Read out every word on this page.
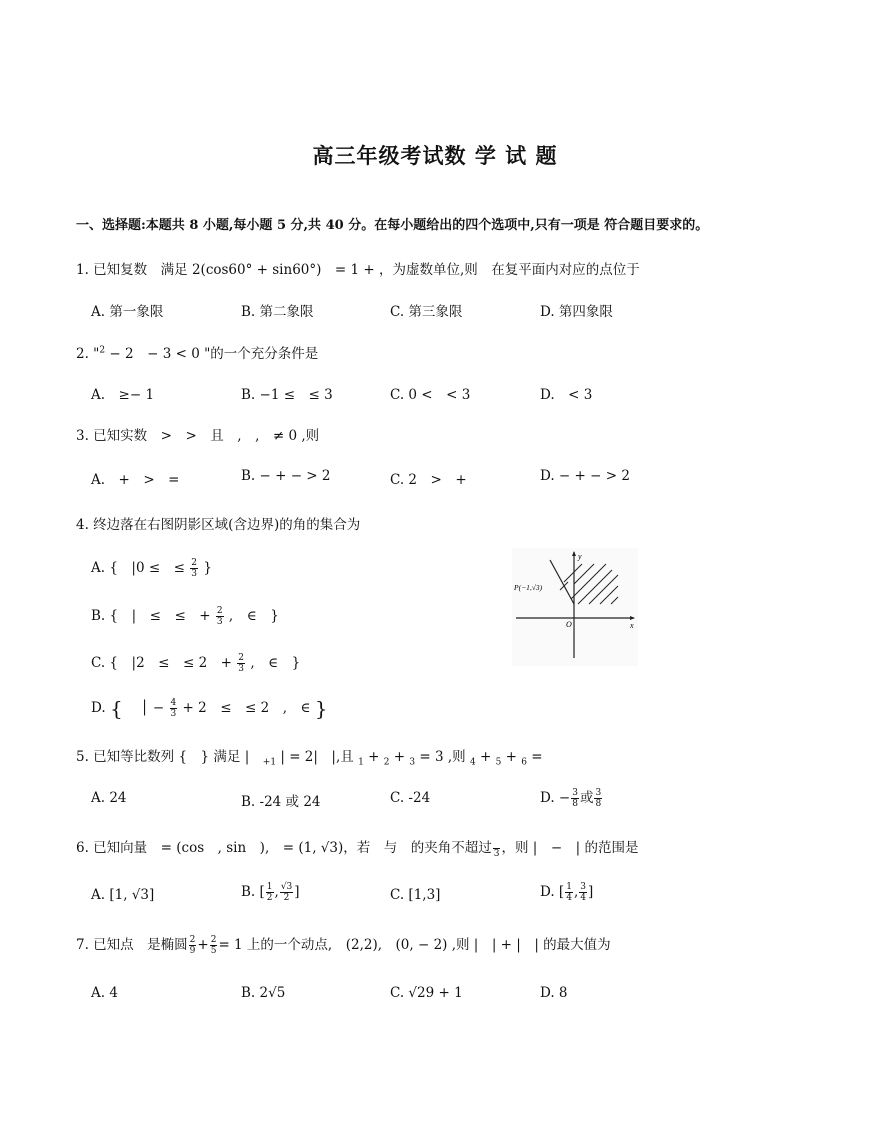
高三年级考试数 学 试 题
一、选择题:本题共 8 小题,每小题 5 分,共 40 分。在每小题给出的四个选项中,只有一项是 符合题目要求的。
1. 已知复数　满足 2(cos60° + sin60°)　= 1 + ，为虚数单位,则　在复平面内对应的点位于
A. 第一象限	B. 第二象限	C. 第三象限	D. 第四象限
2. "$^2$ − 2　− 3 < 0 "的一个充分条件是
A.　≥− 1	B. −1 ≤　≤ 3	C. 0 <　< 3	D.　< 3
3. 已知实数　>　>　且　,　,　≠ 0 ,则
A.　+　>　=	B. − + − > 2	C. 2　>　+	D. − + − > 2
4. 终边落在右图阴影区域(含边界)的角的集合为
A. {　|0 ≤　≤ $\frac{2}{3}$ }
B. {　|　≤　≤　+ $\frac{2}{3}$ ,　∈　}
C. {　|2　≤　≤ 2　+ $\frac{2}{3}$ ,　∈　}
D. { 　│ − $\frac{4}{3} + 2$　≤　≤ 2　,　∈ }
y
x
O
P(−1,√3)
5. 已知等比数列 {　} 满足 |　$_{+1}$ | = 2|　|,且 $_1$ + $_2$ + $_3$ = 3 ,则 $_4$ + $_5$ + $_6$ =
A. 24	B. -24 或 24	C. -24	D. − $\frac{3}{8}$ 或 $\frac{3}{8}$
6. 已知向量　= (cos　, sin　),　= (1, √3)，若　与　的夹角不超过 3 ，则 |　−　| 的范围是
A. [1, √3]	B. [ $\frac{1}{2}$ , $\frac{√3}{2}$ ]	C. [1,3]	D. [ $\frac{1}{4}$ , $\frac{3}{4}$ ]
7. 已知点　是椭圆 $\frac{2}{9} + \frac{2}{5} = 1$ 上的一个动点,　(2,2),　(0, − 2) ,则 |　| + |　| 的最大值为
A. 4	B. 2√5	C. √29 + 1	D. 8
